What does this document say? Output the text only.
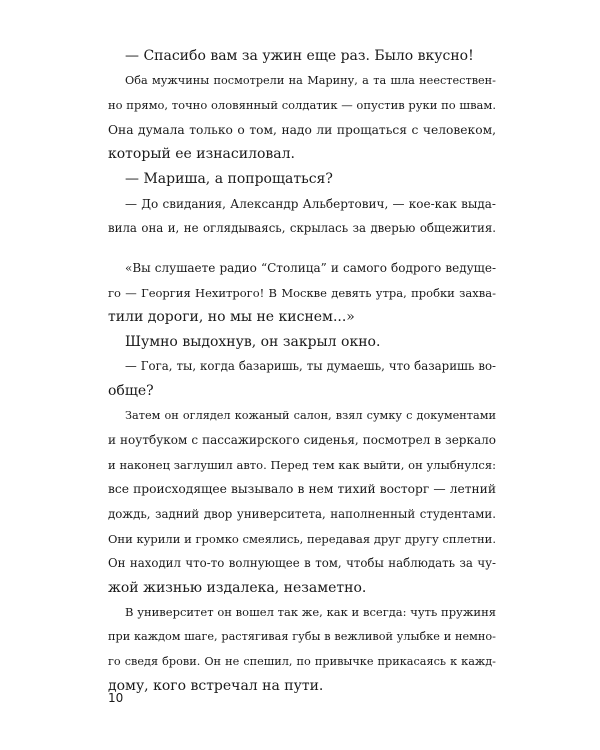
— Спасибо вам за ужин еще раз. Было вкусно!
Оба мужчины посмотрели на Марину, а та шла неестествен-
но прямо, точно оловянный солдатик — опустив руки по швам.
Она думала только о том, надо ли прощаться с человеком,
который ее изнасиловал.
— Мариша, а попрощаться?
— До свидания, Александр Альбертович, — кое-как выда-
вила она и, не оглядываясь, скрылась за дверью общежития.
«Вы слушаете радио “Столица” и самого бодрого ведуще-
го — Георгия Нехитрого! В Москве девять утра, пробки захва-
тили дороги, но мы не киснем...»
Шумно выдохнув, он закрыл окно.
— Гога, ты, когда базаришь, ты думаешь, что базаришь во-
обще?
Затем он оглядел кожаный салон, взял сумку с документами
и ноутбуком с пассажирского сиденья, посмотрел в зеркало
и наконец заглушил авто. Перед тем как выйти, он улыбнулся:
все происходящее вызывало в нем тихий восторг — летний
дождь, задний двор университета, наполненный студентами.
Они курили и громко смеялись, передавая друг другу сплетни.
Он находил что-то волнующее в том, чтобы наблюдать за чу-
жой жизнью издалека, незаметно.
В университет он вошел так же, как и всегда: чуть пружиня
при каждом шаге, растягивая губы в вежливой улыбке и немно-
го сведя брови. Он не спешил, по привычке прикасаясь к кажд-
дому, кого встречал на пути.
10
